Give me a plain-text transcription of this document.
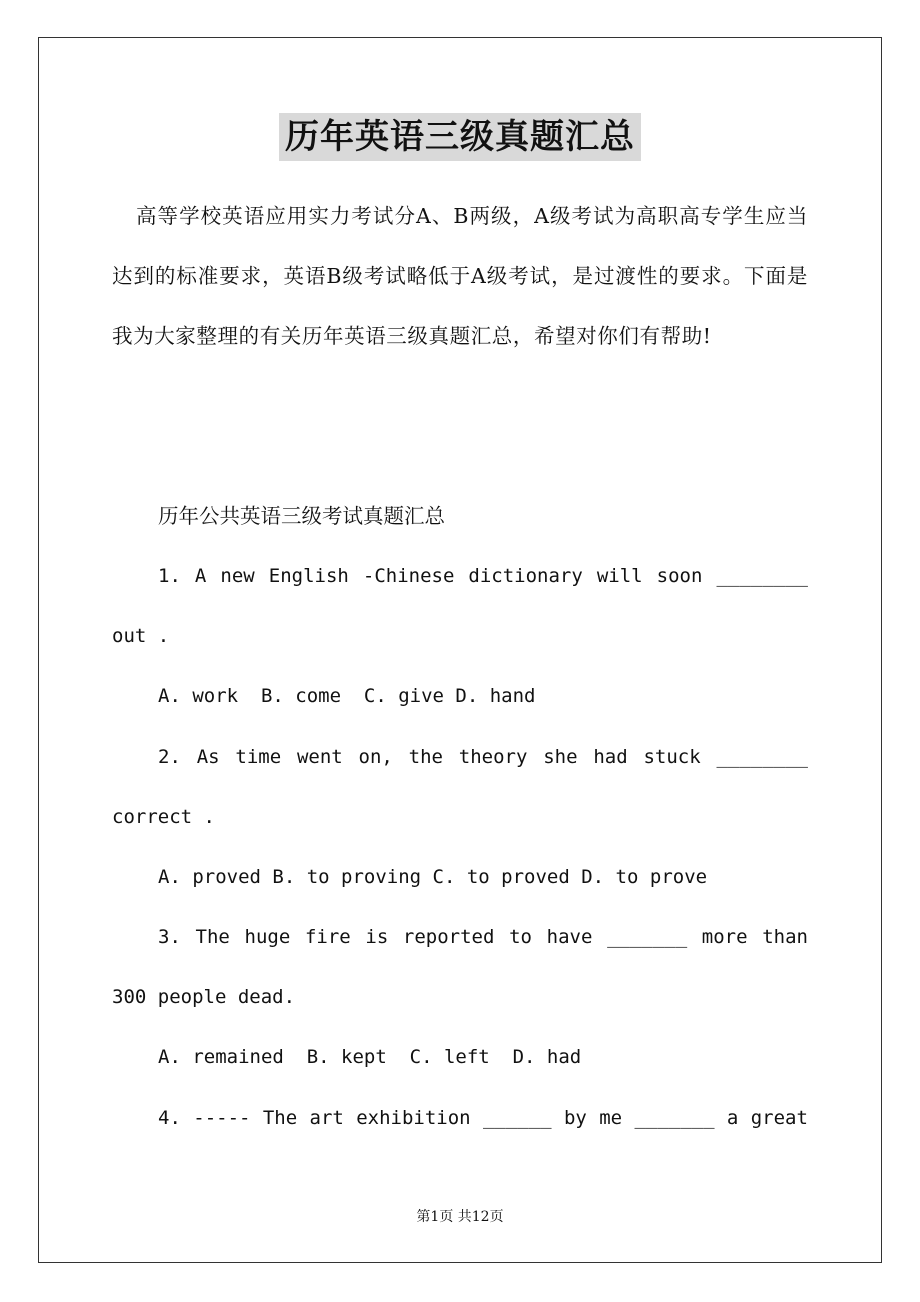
历年英语三级真题汇总
高等学校英语应用实力考试分A、B两级，A级考试为高职高专学生应当达到的标准要求，英语B级考试略低于A级考试，是过渡性的要求。下面是我为大家整理的有关历年英语三级真题汇总，希望对你们有帮助!
历年公共英语三级考试真题汇总
1. A new English -Chinese dictionary will soon ________
out .
A. work  B. come  C. give D. hand
2. As time went on, the theory she had stuck ________
correct .
A. proved B. to proving C. to proved D. to prove
3. The huge fire is reported to have _______ more than
300 people dead.
A. remained  B. kept  C. left  D. had
4. ----- The art exhibition ______ by me _______ a great
第1页 共12页
